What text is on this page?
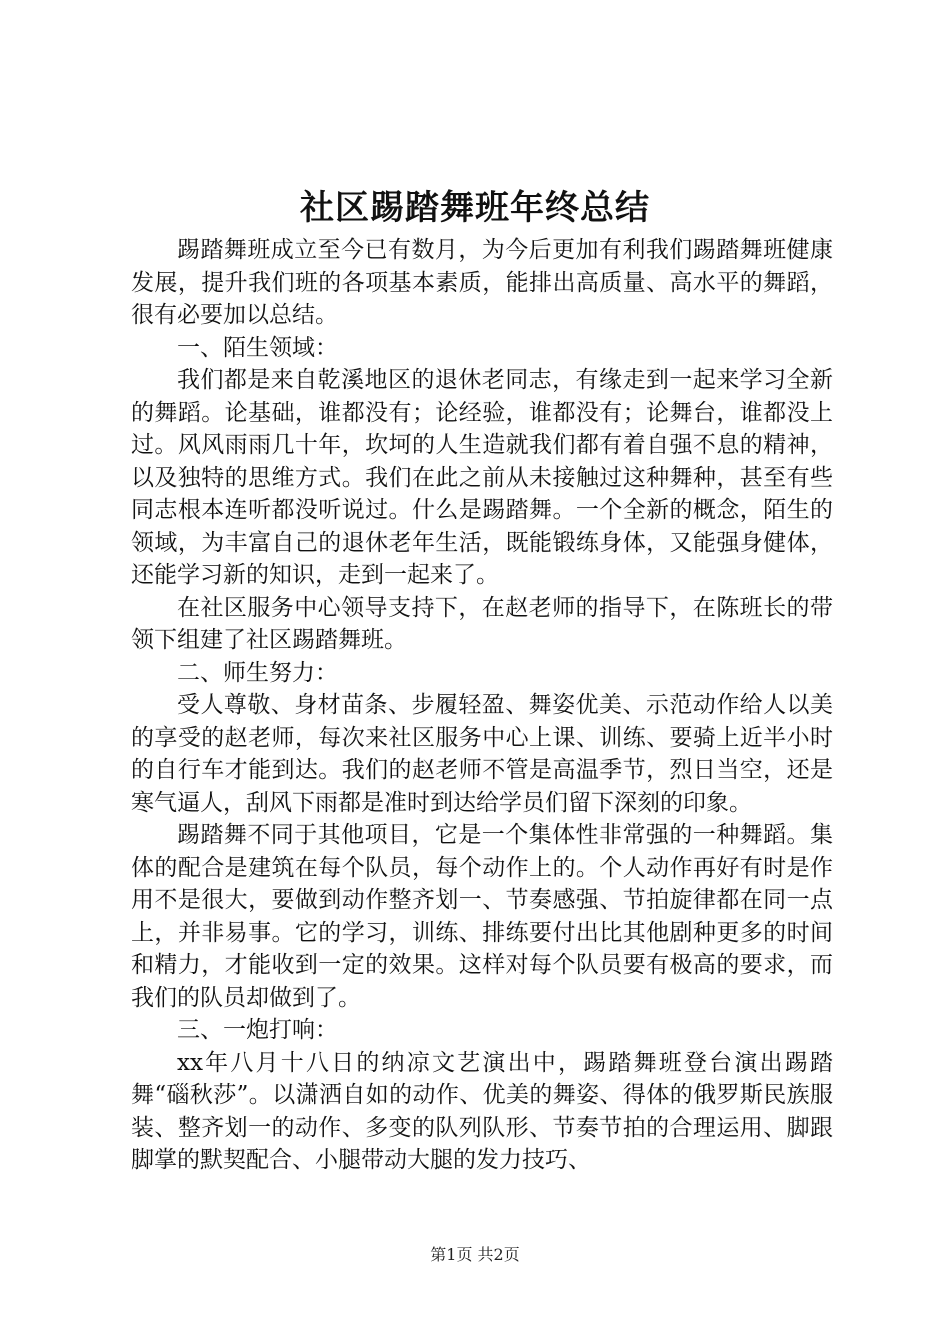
社区踢踏舞班年终总结

踢踏舞班成立至今已有数月，为今后更加有利我们踢踏舞班健康发展，提升我们班的各项基本素质，能排出高质量、高水平的舞蹈，很有必要加以总结。

一、陌生领域：

我们都是来自乾溪地区的退休老同志，有缘走到一起来学习全新的舞蹈。论基础，谁都没有；论经验，谁都没有；论舞台，谁都没上过。风风雨雨几十年，坎坷的人生造就我们都有着自强不息的精神，以及独特的思维方式。我们在此之前从未接触过这种舞种，甚至有些同志根本连听都没听说过。什么是踢踏舞。一个全新的概念，陌生的领域，为丰富自己的退休老年生活，既能锻练身体，又能强身健体，还能学习新的知识，走到一起来了。

在社区服务中心领导支持下，在赵老师的指导下，在陈班长的带领下组建了社区踢踏舞班。

二、师生努力：

受人尊敬、身材苗条、步履轻盈、舞姿优美、示范动作给人以美的享受的赵老师，每次来社区服务中心上课、训练、要骑上近半小时的自行车才能到达。我们的赵老师不管是高温季节，烈日当空，还是寒气逼人，刮风下雨都是准时到达给学员们留下深刻的印象。

踢踏舞不同于其他项目，它是一个集体性非常强的一种舞蹈。集体的配合是建筑在每个队员，每个动作上的。个人动作再好有时是作用不是很大，要做到动作整齐划一、节奏感强、节拍旋律都在同一点上，并非易事。它的学习，训练、排练要付出比其他剧种更多的时间和精力，才能收到一定的效果。这样对每个队员要有极高的要求，而我们的队员却做到了。

三、一炮打响：

xx年八月十八日的纳凉文艺演出中，踢踏舞班登台演出踢踏舞“碯秋莎”。以潇洒自如的动作、优美的舞姿、得体的俄罗斯民族服装、整齐划一的动作、多变的队列队形、节奏节拍的合理运用、脚跟脚掌的默契配合、小腿带动大腿的发力技巧、

第1页 共2页
